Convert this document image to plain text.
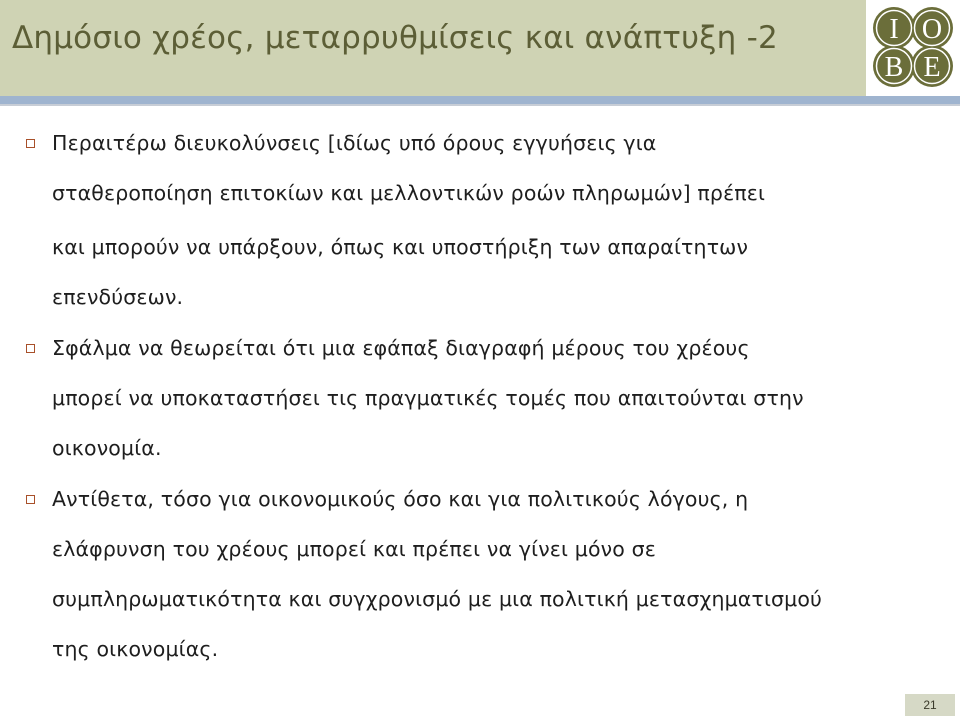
Δημόσιο χρέος, μεταρρυθμίσεις και ανάπτυξη -2	I O
B E
Περαιτέρω διευκολύνσεις [ιδίως υπό όρους εγγυήσεις για
σταθεροποίηση επιτοκίων και μελλοντικών ροών πληρωμών] πρέπει
και μπορούν να υπάρξουν, όπως και υποστήριξη των απαραίτητων
επενδύσεων.
Σφάλμα να θεωρείται ότι μια εφάπαξ διαγραφή μέρους του χρέους
μπορεί να υποκαταστήσει τις πραγματικές τομές που απαιτούνται στην
οικονομία.
Αντίθετα, τόσο για οικονομικούς όσο και για πολιτικούς λόγους, η
ελάφρυνση του χρέους μπορεί και πρέπει να γίνει μόνο σε
συμπληρωματικότητα και συγχρονισμό με μια πολιτική μετασχηματισμού
της οικονομίας.
21
